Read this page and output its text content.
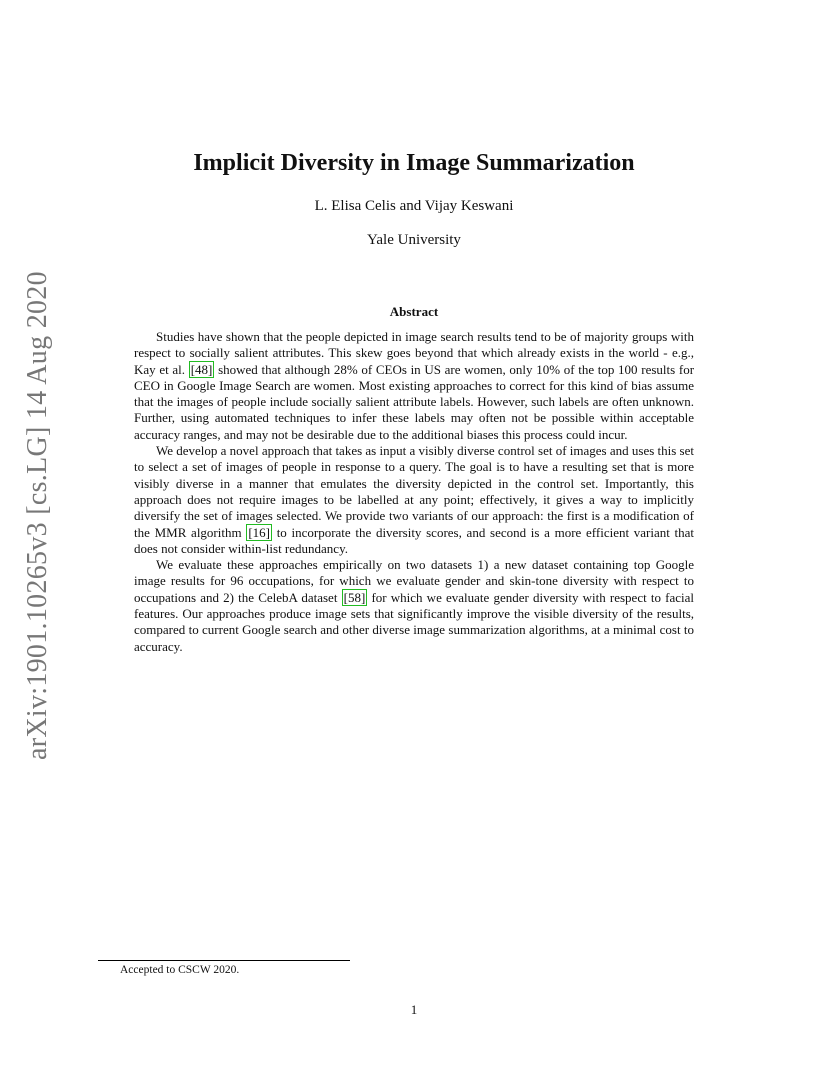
arXiv:1901.10265v3 [cs.LG] 14 Aug 2020
Implicit Diversity in Image Summarization
L. Elisa Celis and Vijay Keswani
Yale University
Abstract

Studies have shown that the people depicted in image search results tend to be of majority groups with respect to socially salient attributes. This skew goes beyond that which already exists in the world - e.g., Kay et al. [48] showed that although 28% of CEOs in US are women, only 10% of the top 100 results for CEO in Google Image Search are women. Most existing approaches to correct for this kind of bias assume that the images of people include socially salient attribute labels. However, such labels are often unknown. Further, using automated techniques to infer these labels may often not be possible within acceptable accuracy ranges, and may not be desirable due to the additional biases this process could incur.

We develop a novel approach that takes as input a visibly diverse control set of images and uses this set to select a set of images of people in response to a query. The goal is to have a resulting set that is more visibly diverse in a manner that emulates the diversity depicted in the control set. Importantly, this approach does not require images to be labelled at any point; effectively, it gives a way to implicitly diversify the set of images selected. We provide two variants of our approach: the first is a modification of the MMR algorithm [16] to incorporate the diversity scores, and second is a more efficient variant that does not consider within-list redundancy.

We evaluate these approaches empirically on two datasets 1) a new dataset containing top Google image results for 96 occupations, for which we evaluate gender and skin-tone diversity with respect to occupations and 2) the CelebA dataset [58] for which we evaluate gender diversity with respect to facial features. Our approaches produce image sets that significantly improve the visible diversity of the results, compared to current Google search and other diverse image summarization algorithms, at a minimal cost to accuracy.

Accepted to CSCW 2020.
1
